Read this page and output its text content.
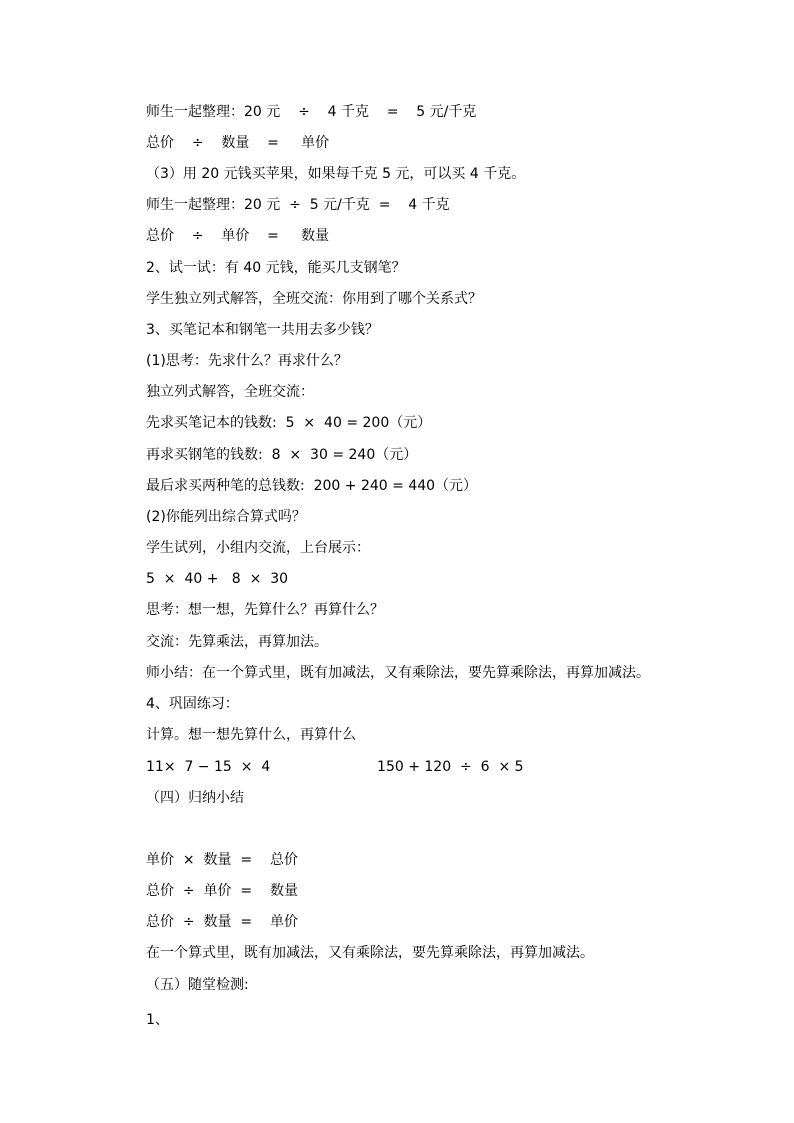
师生一起整理：20 元    ÷    4 千克    =    5 元/千克
总价    ÷    数量    =     单价
（3）用 20 元钱买苹果，如果每千克 5 元，可以买 4 千克。
师生一起整理：20 元  ÷  5 元/千克  =    4 千克
总价    ÷    单价    =     数量
2、试一试：有 40 元钱，能买几支钢笔？
学生独立列式解答，全班交流：你用到了哪个关系式？
3、买笔记本和钢笔一共用去多少钱？
(1)思考：先求什么？再求什么？
独立列式解答，全班交流：
先求买笔记本的钱数:  5  ×  40 = 200（元）
再求买钢笔的钱数:  8  ×  30 = 240（元）
最后求买两种笔的总钱数:  200 + 240 = 440（元）
(2)你能列出综合算式吗？
学生试列，小组内交流，上台展示：
5  ×  40 +   8  ×  30
思考：想一想，先算什么？再算什么？
交流：先算乘法，再算加法。
师小结：在一个算式里，既有加减法，又有乘除法，要先算乘除法，再算加减法。
4、巩固练习：
计算。想一想先算什么，再算什么
11×  7 − 15  ×  4                        150 + 120  ÷  6  × 5
（四）归纳小结
单价  ×  数量  =    总价
总价  ÷  单价  =    数量
总价  ÷  数量  =    单价
在一个算式里，既有加减法，又有乘除法，要先算乘除法，再算加减法。
（五）随堂检测:
1、
